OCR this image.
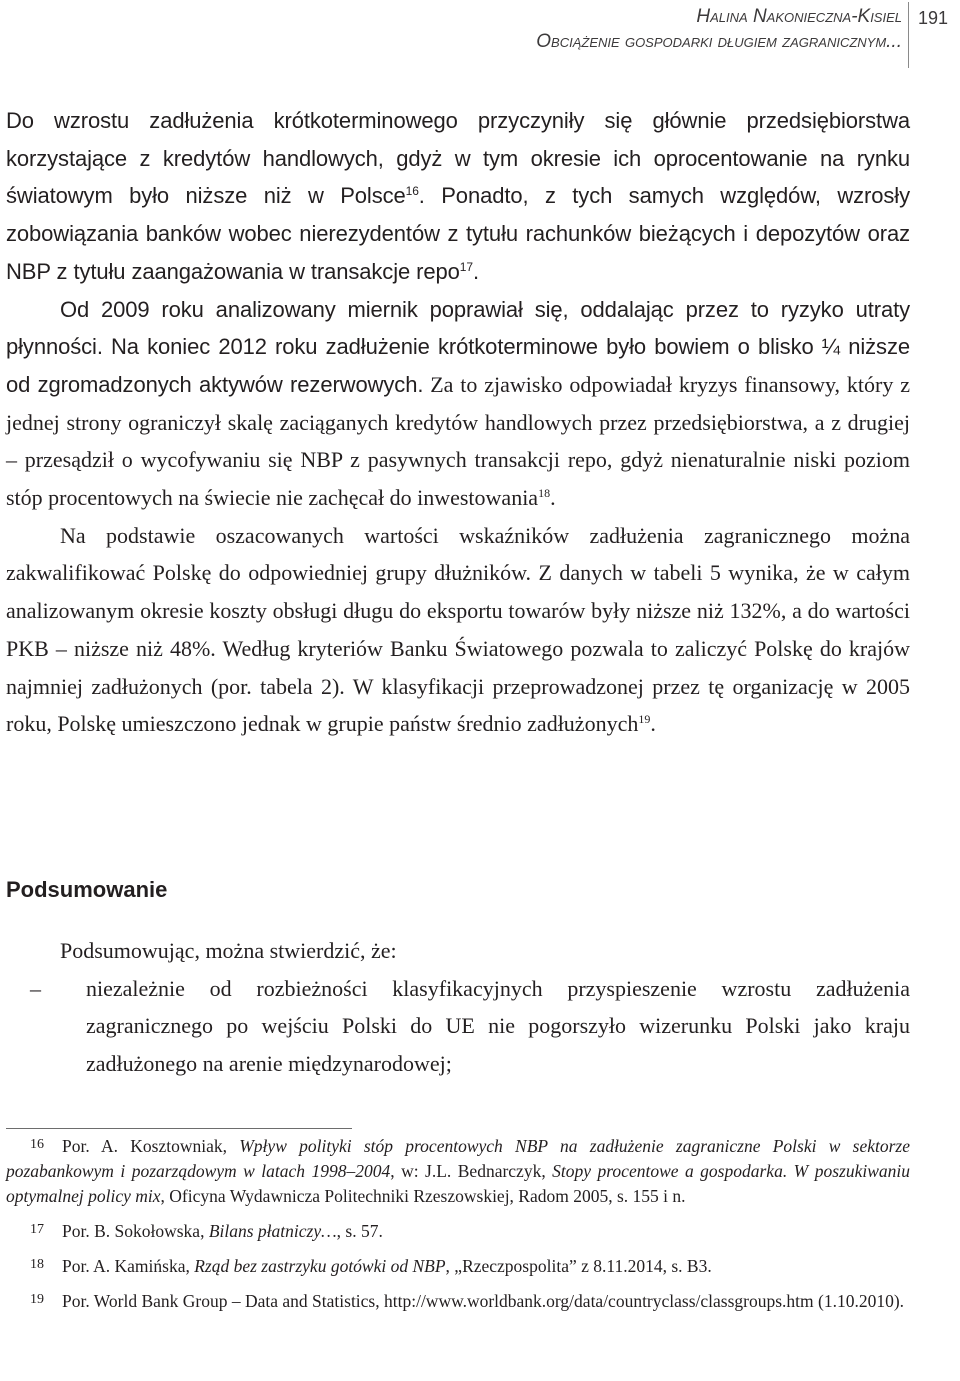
Halina Nakonieczna-Kisiel
Obciążenie gospodarki długiem zagranicznym...
191

Do wzrostu zadłużenia krótkoterminowego przyczyniły się głównie przedsiębiorstwa korzystające z kredytów handlowych, gdyż w tym okresie ich oprocentowanie na rynku światowym było niższe niż w Polsce$^{16}$. Ponadto, z tych samych względów, wzrosły zobowiązania banków wobec nierezydentów z tytułu rachunków bieżących i depozytów oraz NBP z tytułu zaangażowania w transakcje repo$^{17}$.

Od 2009 roku analizowany miernik poprawiał się, oddalając przez to ryzyko utraty płynności. Na koniec 2012 roku zadłużenie krótkoterminowe było bowiem o blisko ¼ niższe od zgromadzonych aktywów rezerwowych. Za to zjawisko odpowiadał kryzys finansowy, który z jednej strony ograniczył skalę zaciąganych kredytów handlowych przez przedsiębiorstwa, a z drugiej – przesądził o wycofywaniu się NBP z pasywnych transakcji repo, gdyż nienaturalnie niski poziom stóp procentowych na świecie nie zachęcał do inwestowania$^{18}$.

Na podstawie oszacowanych wartości wskaźników zadłużenia zagranicznego można zakwalifikować Polskę do odpowiedniej grupy dłużników. Z danych w tabeli 5 wynika, że w całym analizowanym okresie koszty obsługi długu do eksportu towarów były niższe niż 132%, a do wartości PKB – niższe niż 48%. Według kryteriów Banku Światowego pozwala to zaliczyć Polskę do krajów najmniej zadłużonych (por. tabela 2). W klasyfikacji przeprowadzonej przez tę organizację w 2005 roku, Polskę umieszczono jednak w grupie państw średnio zadłużonych$^{19}$.

Podsumowanie

Podsumowując, można stwierdzić, że:

–	niezależnie od rozbieżności klasyfikacyjnych przyspieszenie wzrostu zadłużenia zagranicznego po wejściu Polski do UE nie pogorszyło wizerunku Polski jako kraju zadłużonego na arenie międzynarodowej;

16 Por. A. Kosztowniak, Wpływ polityki stóp procentowych NBP na zadłużenie zagraniczne Polski w sektorze pozabankowym i pozarządowym w latach 1998–2004, w: J.L. Bednarczyk, Stopy procentowe a gospodarka. W poszukiwaniu optymalnej policy mix, Oficyna Wydawnicza Politechniki Rzeszowskiej, Radom 2005, s. 155 i n.

17 Por. B. Sokołowska, Bilans płatniczy…, s. 57.

18 Por. A. Kamińska, Rząd bez zastrzyku gotówki od NBP, „Rzeczpospolita” z 8.11.2014, s. B3.

19 Por. World Bank Group – Data and Statistics, http://www.worldbank.org/data/countryclass/classgroups.htm (1.10.2010).
